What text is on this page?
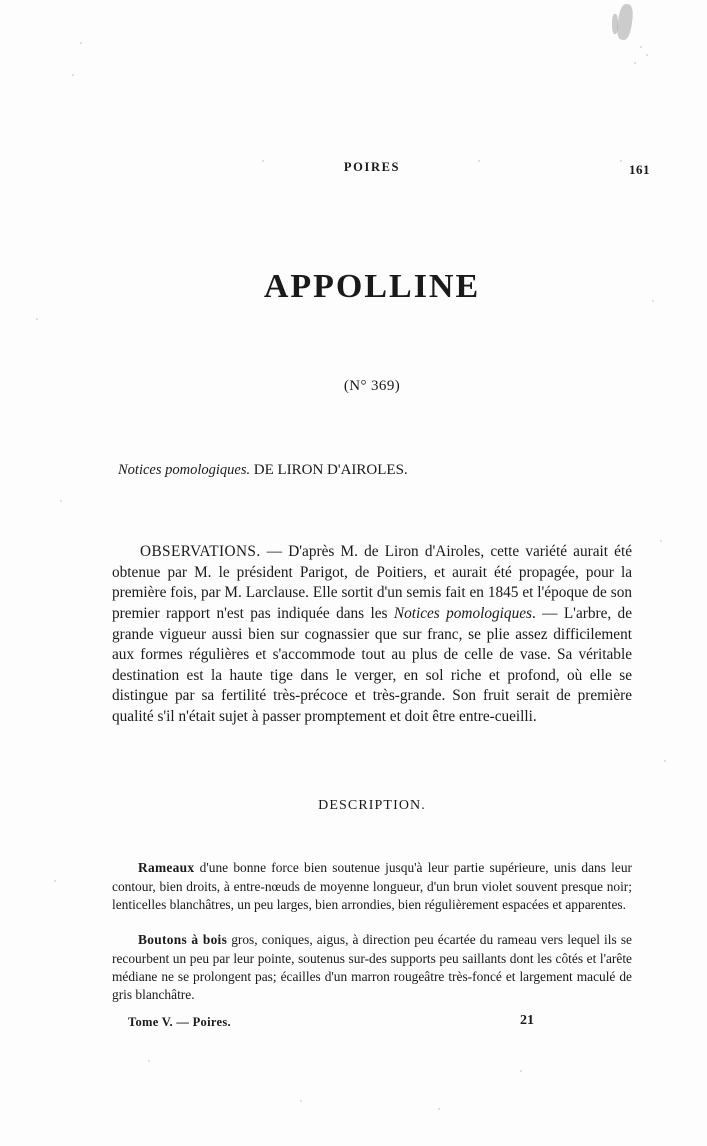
POIRES	161
APPOLLINE
(N° 369)
Notices pomologiques. DE LIRON D'AIROLES.

OBSERVATIONS. — D'après M. de Liron d'Airoles, cette variété aurait été obtenue par M. le président Parigot, de Poitiers, et aurait été propagée, pour la première fois, par M. Larclause. Elle sortit d'un semis fait en 1845 et l'époque de son premier rapport n'est pas indiquée dans les Notices pomologiques. — L'arbre, de grande vigueur aussi bien sur cognassier que sur franc, se plie assez difficilement aux formes régulières et s'accommode tout au plus de celle de vase. Sa véritable destination est la haute tige dans le verger, en sol riche et profond, où elle se distingue par sa fertilité très-précoce et très-grande. Son fruit serait de première qualité s'il n'était sujet à passer promptement et doit être entre-cueilli.

DESCRIPTION.

Rameaux d'une bonne force bien soutenue jusqu'à leur partie supérieure, unis dans leur contour, bien droits, à entre-nœuds de moyenne longueur, d'un brun violet souvent presque noir; lenticelles blanchâtres, un peu larges, bien arrondies, bien régulièrement espacées et apparentes.

Boutons à bois gros, coniques, aigus, à direction peu écartée du rameau vers lequel ils se recourbent un peu par leur pointe, soutenus sur-des supports peu saillants dont les côtés et l'arête médiane ne se prolongent pas; écailles d'un marron rougeâtre très-foncé et largement maculé de gris blanchâtre.

Tome V. — Poires.	21
